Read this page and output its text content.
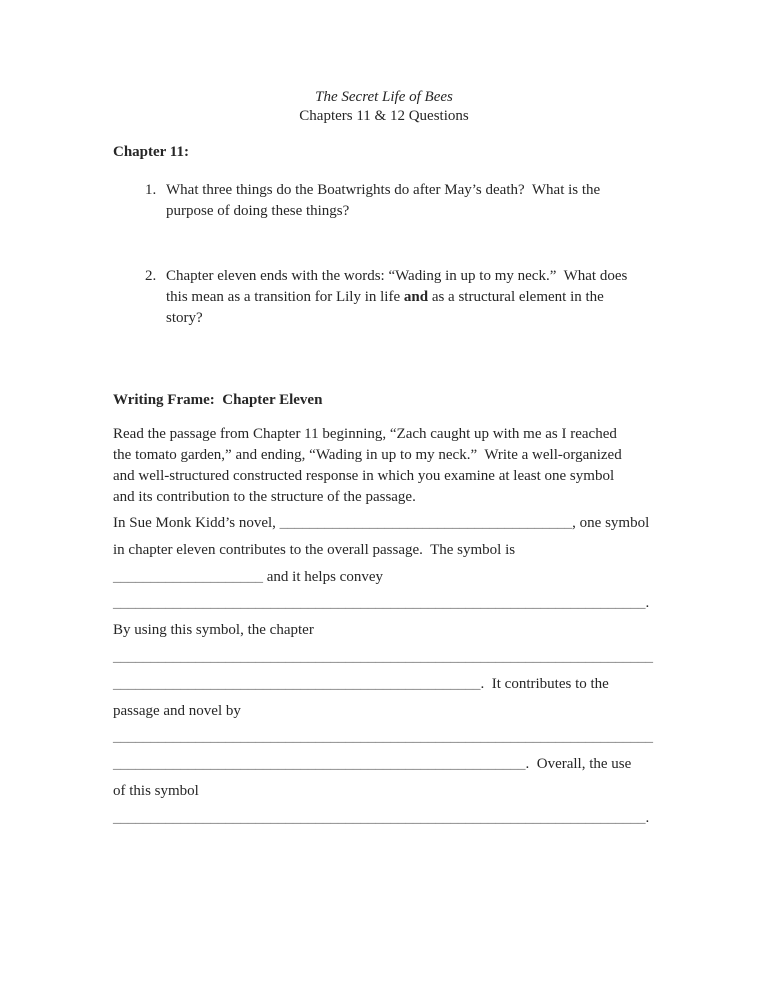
The Secret Life of Bees
Chapters 11 & 12 Questions
Chapter 11:
1. What three things do the Boatwrights do after May’s death?  What is the
purpose of doing these things?
2. Chapter eleven ends with the words: “Wading in up to my neck.”  What does
this mean as a transition for Lily in life and as a structural element in the
story?
Writing Frame:  Chapter Eleven
Read the passage from Chapter 11 beginning, “Zach caught up with me as I reached
the tomato garden,” and ending, “Wading in up to my neck.”  Write a well-organized
and well-structured constructed response in which you examine at least one symbol
and its contribution to the structure of the passage.
In Sue Monk Kidd’s novel, _______________________________________, one symbol
in chapter eleven contributes to the overall passage.  The symbol is
____________________ and it helps convey
_______________________________________________________________________.
By using this symbol, the chapter
________________________________________________________________________
_________________________________________________.  It contributes to the
passage and novel by
________________________________________________________________________
_______________________________________________________.  Overall, the use
of this symbol
_______________________________________________________________________.
